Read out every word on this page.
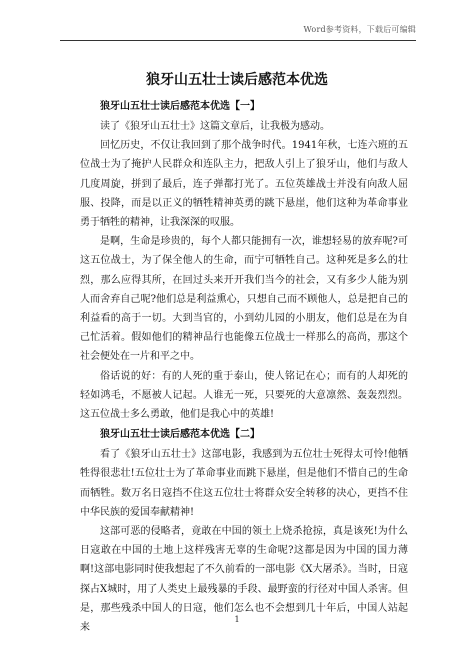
Word参考资料，下载后可编辑
狼牙山五壮士读后感范本优选
狼牙山五壮士读后感范本优选【一】

读了《狼牙山五壮士》这篇文章后，让我极为感动。

回忆历史，不仅让我回到了那个战争时代。1941年秋，七连六班的五位战士为了掩护人民群众和连队主力，把敌人引上了狼牙山，他们与敌人几度周旋，拼到了最后，连子弹都打光了。五位英雄战士并没有向敌人屈服、投降，而是以正义的牺牲精神英勇的跳下悬崖，他们这种为革命事业勇于牺牲的精神，让我深深的叹服。

是啊，生命是珍贵的，每个人都只能拥有一次，谁想轻易的放弃呢?可这五位战士，为了保全他人的生命，而宁可牺牲自己。这种死是多么的壮烈，那么应得其所，在回过头来开开我们当今的社会，又有多少人能为别人而舍弃自己呢?他们总是利益熏心，只想自己而不顾他人，总是把自己的利益看的高于一切。大到当官的，小到幼儿园的小朋友，他们总是在为自己忙活着。假如他们的精神品行也能像五位战士一样那么的高尚，那这个社会便处在一片和平之中。

俗话说的好：有的人死的重于泰山，使人铭记在心；而有的人却死的轻如鸿毛，不愿被人记起。人谁无一死，只要死的大意凛然、轰轰烈烈。这五位战士多么勇敢，他们是我心中的英雄!

狼牙山五壮士读后感范本优选【二】

看了《狼牙山五壮士》这部电影，我感到为五位壮士死得太可怜!他牺牲得很悲壮!五位壮士为了革命事业而跳下悬崖，但是他们不惜自己的生命而牺牲。数万名日寇挡不住这五位壮士将群众安全转移的决心，更挡不住中华民族的爱国奉献精神!

这部可恶的侵略者，竟敢在中国的领土上烧杀抢掠，真是该死!为什么日寇敢在中国的土地上这样残害无辜的生命呢?这都是因为中国的国力薄啊!这部电影同时使我想起了不久前看的一部电影《X大屠杀》。当时，日寇探占X城时，用了人类史上最残暴的手段、最野蛮的行径对中国人杀害。但是，那些残杀中国人的日寇，他们怎么也不会想到几十年后，中国人站起来

1
